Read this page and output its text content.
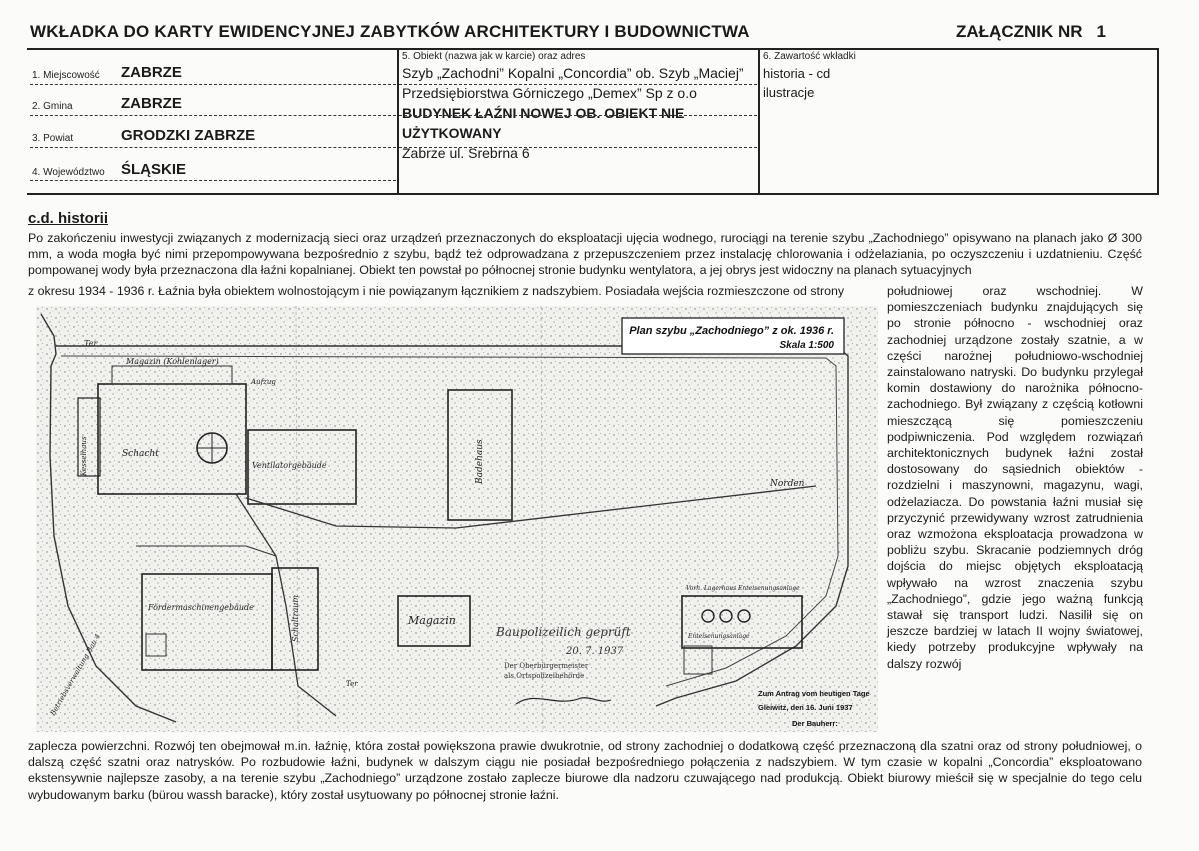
WKŁADKA DO KARTY EWIDENCYJNEJ ZABYTKÓW ARCHITEKTURY I BUDOWNICTWA	ZAŁĄCZNIK NR 1
1. Miejscowość ZABRZE
2. Gmina	ZABRZE
3. Powiat	GRODZKI ZABRZE
4. Województwo ŚLĄSKIE
5. Obiekt (nazwa jak w karcie) oraz adres
Szyb „Zachodni” Kopalni „Concordia” ob. Szyb „Maciej”
Przedsiębiorstwa Górniczego „Demex” Sp z o.o
BUDYNEK ŁAŹNI NOWEJ OB. OBIEKT NIE
UŻYTKOWANY
Zabrze ul. Srebrna 6
6. Zawartość wkładki
historia - cd
ilustracje
c.d. historii
Po zakończeniu inwestycji związanych z modernizacją sieci oraz urządzeń przeznaczonych do eksploatacji ujęcia wodnego, rurociągi na terenie szybu „Zachodniego” opisywano na planach jako Ø 300 mm, a woda mogła być nimi przepompowywana bezpośrednio z szybu, bądź też odprowadzana z przepuszczeniem przez instalację chlorowania i odżelaziania, po oczyszczeniu i uzdatnieniu. Część pompowanej wody była przeznaczona dla łaźni kopalnianej. Obiekt ten powstał po północnej stronie budynku wentylatora, a jej obrys jest widoczny na planach sytuacyjnych
z okresu 1934 - 1936 r. Łaźnia była obiektem wolnostojącym i nie powiązanym łącznikiem z nadszybiem. Posiadała wejścia rozmieszczone od strony	południowej oraz wschodniej. W pomieszczeniach budynku znajdujących się po stronie północno - wschodniej oraz zachodniej urządzone zostały szatnie, a w części narożnej południowo-wschodniej zainstalowano natryski. Do budynku przylegał komin dostawiony do narożnika północno-zachodniego. Był związany z częścią kotłowni mieszczącą się pomieszczeniu podpiwniczenia. Pod względem rozwiązań architektonicznych budynek łaźni został dostosowany do sąsiednich obiektów - rozdzielni i maszynowni, magazynu, wagi, odżelaziacza. Do powstania łaźni musiał się przyczynić przewidywany wzrost zatrudnienia oraz wzmożona eksploatacja prowadzona w pobliżu szybu. Skracanie podziemnych dróg dojścia do miejsc objętych eksploatacją wpływało na wzrost znaczenia szybu „Zachodniego”, gdzie jego ważną funkcją stawał się transport ludzi. Nasilił się on jeszcze bardziej w latach II wojny światowej, kiedy potrzeby produkcyjne wpływały na dalszy rozwój
zaplecza powierzchni. Rozwój ten obejmował m.in. łaźnię, która został powiększona prawie dwukrotnie, od strony zachodniej o dodatkową część przeznaczoną dla szatni oraz od strony południowej, o dalszą część szatni oraz natrysków. Po rozbudowie łaźni, budynek w dalszym ciągu nie posiadał bezpośredniego połączenia z nadszybiem. W tym czasie w kopalni „Concordia” eksploatowano ekstensywnie najlepsze zasoby, a na terenie szybu „Zachodniego” urządzone zostało zaplecze biurowe dla nadzoru czuwającego nad produkcją. Obiekt biurowy mieścił się w specjalnie do tego celu wybudowanym barku (bürou wassh baracke), który został usytuowany po północnej stronie łaźni.
Plan szybu „Zachodniego” z ok. 1936 r.
Skala 1:500
Ter
Magazin (Kohlenlager)
Aufzug
Schacht
Kesselhaus	Ventilatorgebäude	Badehaus	Norden
Fördermaschinengebäude	Schaltraum	Magazin
Vorh. Lagerhaus Enteisenungsanlage
Enteisenungsanlage
Ter
Betriebsverwaltung Bau 4
Baupolizeilich geprüft
20. 7. 1937
Der Oberbürgermeister
als Ortspolizeibehörde
Zum Antrag vom heutigen Tage
Gleiwitz, den 16. Juni 1937
Der Bauherr:
